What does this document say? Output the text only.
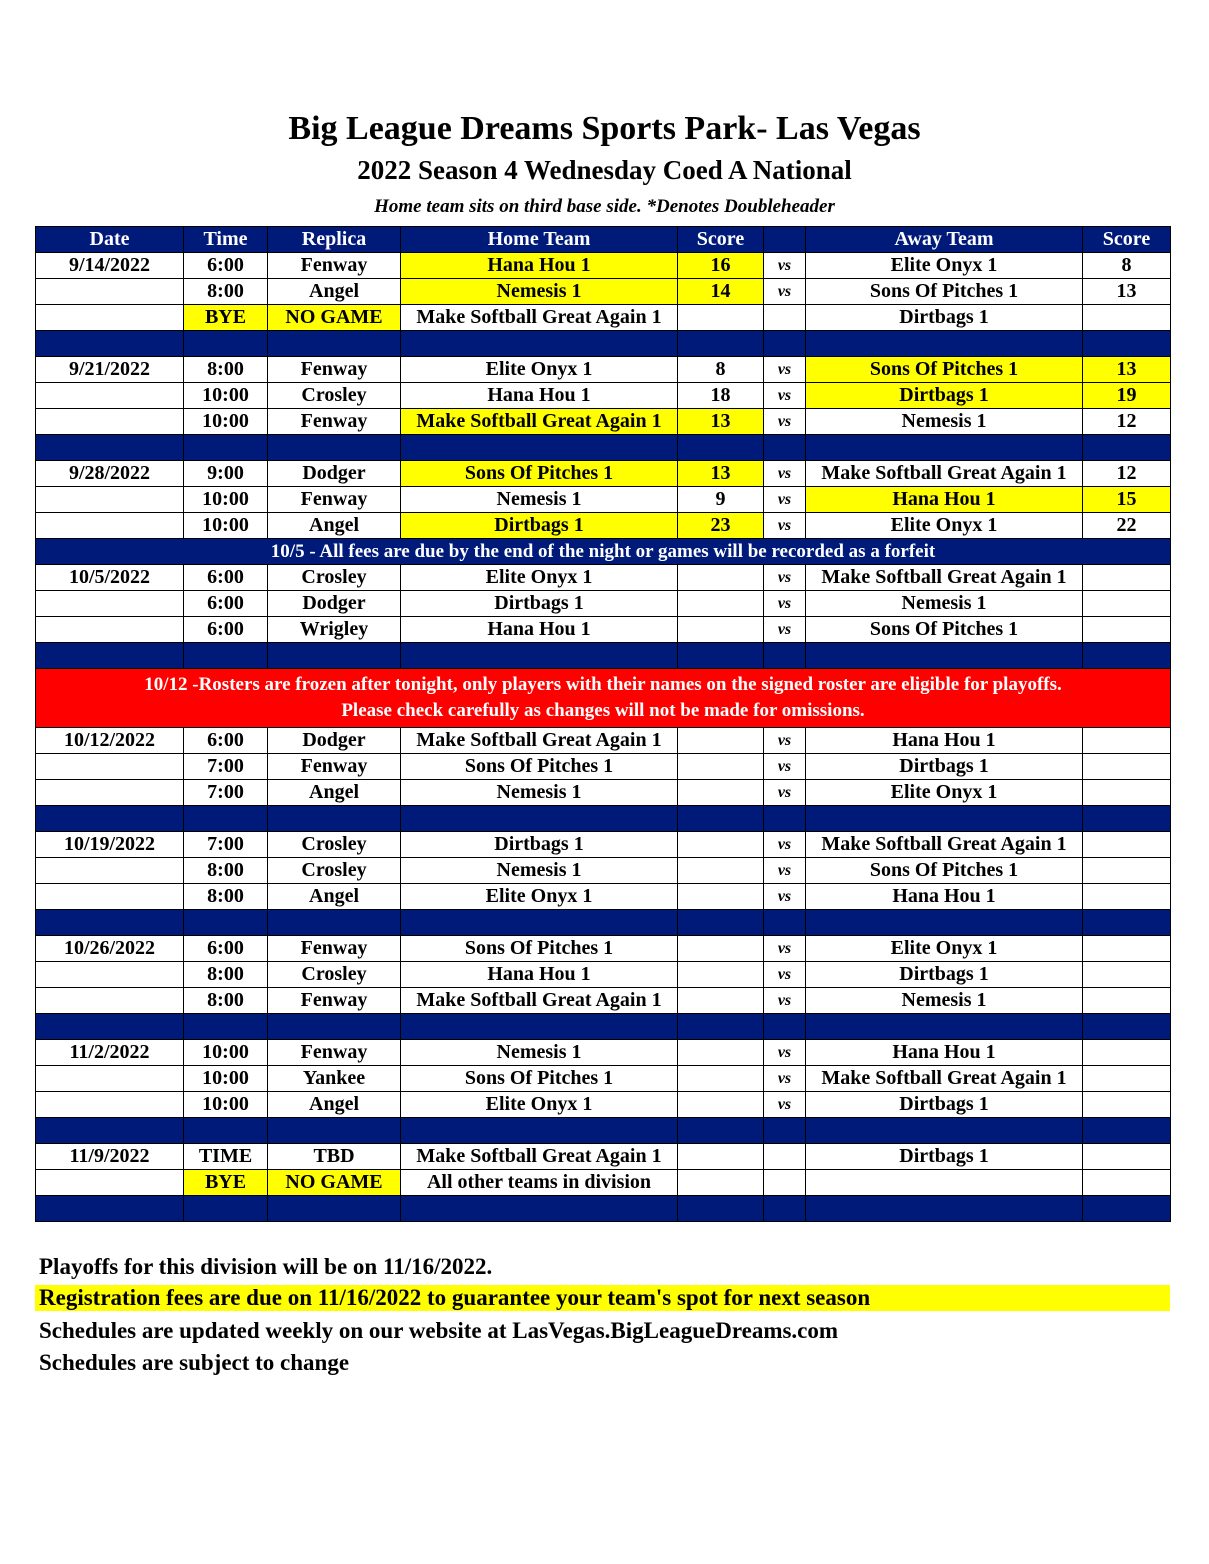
Big League Dreams Sports Park- Las Vegas
2022 Season 4 Wednesday Coed A National
Home team sits on third base side. *Denotes Doubleheader
Date	Time	Replica	Home Team	Score		Away Team	Score
9/14/2022	6:00	Fenway	Hana Hou 1	16	vs	Elite Onyx 1	8
	8:00	Angel	Nemesis 1	14	vs	Sons Of Pitches 1	13
	BYE	NO GAME	Make Softball Great Again 1			Dirtbags 1	

9/21/2022	8:00	Fenway	Elite Onyx 1	8	vs	Sons Of Pitches 1	13
	10:00	Crosley	Hana Hou 1	18	vs	Dirtbags 1	19
	10:00	Fenway	Make Softball Great Again 1	13	vs	Nemesis 1	12

9/28/2022	9:00	Dodger	Sons Of Pitches 1	13	vs	Make Softball Great Again 1	12
	10:00	Fenway	Nemesis 1	9	vs	Hana Hou 1	15
	10:00	Angel	Dirtbags 1	23	vs	Elite Onyx 1	22
10/5 - All fees are due by the end of the night or games will be recorded as a forfeit							
10/5/2022	6:00	Crosley	Elite Onyx 1		vs	Make Softball Great Again 1	
	6:00	Dodger	Dirtbags 1		vs	Nemesis 1	
	6:00	Wrigley	Hana Hou 1		vs	Sons Of Pitches 1	

10/12 -Rosters are frozen after tonight, only players with their names on the signed roster are eligible for playoffs.
Please check carefully as changes will not be made for omissions.							

10/12/2022	6:00	Dodger	Make Softball Great Again 1		vs	Hana Hou 1	
	7:00	Fenway	Sons Of Pitches 1		vs	Dirtbags 1	
	7:00	Angel	Nemesis 1		vs	Elite Onyx 1	

10/19/2022	7:00	Crosley	Dirtbags 1		vs	Make Softball Great Again 1	
	8:00	Crosley	Nemesis 1		vs	Sons Of Pitches 1	
	8:00	Angel	Elite Onyx 1		vs	Hana Hou 1	

10/26/2022	6:00	Fenway	Sons Of Pitches 1		vs	Elite Onyx 1	
	8:00	Crosley	Hana Hou 1		vs	Dirtbags 1	
	8:00	Fenway	Make Softball Great Again 1		vs	Nemesis 1	

11/2/2022	10:00	Fenway	Nemesis 1		vs	Hana Hou 1	
	10:00	Yankee	Sons Of Pitches 1		vs	Make Softball Great Again 1	
	10:00	Angel	Elite Onyx 1		vs	Dirtbags 1	

11/9/2022	TIME	TBD	Make Softball Great Again 1			Dirtbags 1	
	BYE	NO GAME	All other teams in division				

Playoffs for this division will be on 11/16/2022.
Registration fees are due on 11/16/2022 to guarantee your team's spot for next season
Schedules are updated weekly on our website at LasVegas.BigLeagueDreams.com
Schedules are subject to change
